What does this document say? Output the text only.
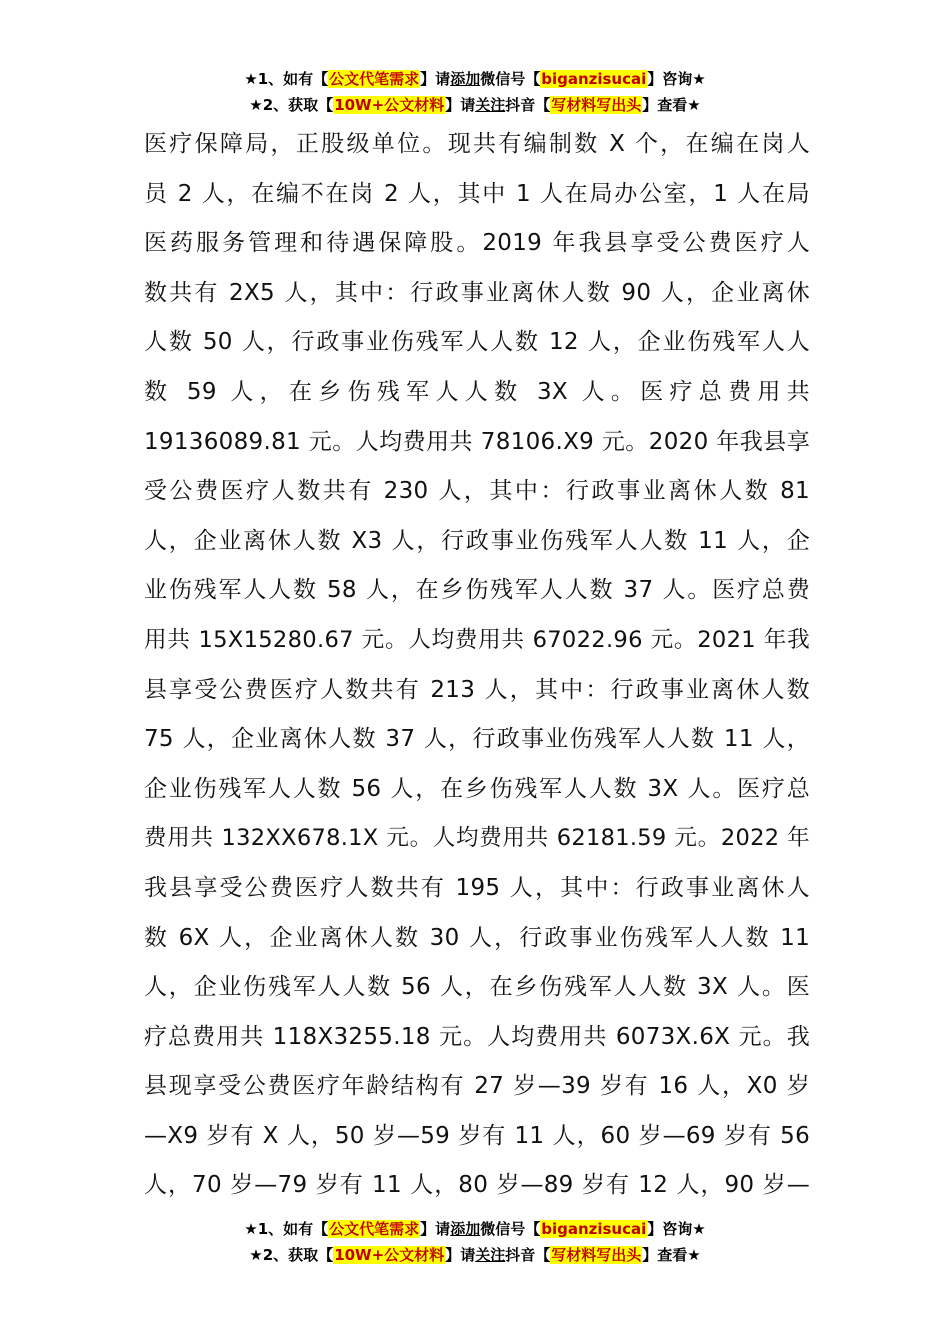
★1、如有【公文代笔需求】请添加微信号【biganzisucai】咨询★
★2、获取【10W+公文材料】请关注抖音【写材料写出头】查看★
医疗保障局，正股级单位。现共有编制数 X 个，在编在岗人
员 2 人，在编不在岗 2 人，其中 1 人在局办公室，1 人在局
医药服务管理和待遇保障股。2019 年我县享受公费医疗人
数共有 2X5 人，其中：行政事业离休人数 90 人，企业离休
人数 50 人，行政事业伤残军人人数 12 人，企业伤残军人人
数 59 人，在乡伤残军人人数 3X 人。医疗总费用共
19136089.81 元。人均费用共 78106.X9 元。2020 年我县享
受公费医疗人数共有 230 人，其中：行政事业离休人数 81
人，企业离休人数 X3 人，行政事业伤残军人人数 11 人，企
业伤残军人人数 58 人，在乡伤残军人人数 37 人。医疗总费
用共 15X15280.67 元。人均费用共 67022.96 元。2021 年我
县享受公费医疗人数共有 213 人，其中：行政事业离休人数
75 人，企业离休人数 37 人，行政事业伤残军人人数 11 人，
企业伤残军人人数 56 人，在乡伤残军人人数 3X 人。医疗总
费用共 132XX678.1X 元。人均费用共 62181.59 元。2022 年
我县享受公费医疗人数共有 195 人，其中：行政事业离休人
数 6X 人，企业离休人数 30 人，行政事业伤残军人人数 11
人，企业伤残军人人数 56 人，在乡伤残军人人数 3X 人。医
疗总费用共 118X3255.18 元。人均费用共 6073X.6X 元。我
县现享受公费医疗年龄结构有 27 岁—39 岁有 16 人，X0 岁
—X9 岁有 X 人，50 岁—59 岁有 11 人，60 岁—69 岁有 56
人，70 岁—79 岁有 11 人，80 岁—89 岁有 12 人，90 岁—
★1、如有【公文代笔需求】请添加微信号【biganzisucai】咨询★
★2、获取【10W+公文材料】请关注抖音【写材料写出头】查看★
